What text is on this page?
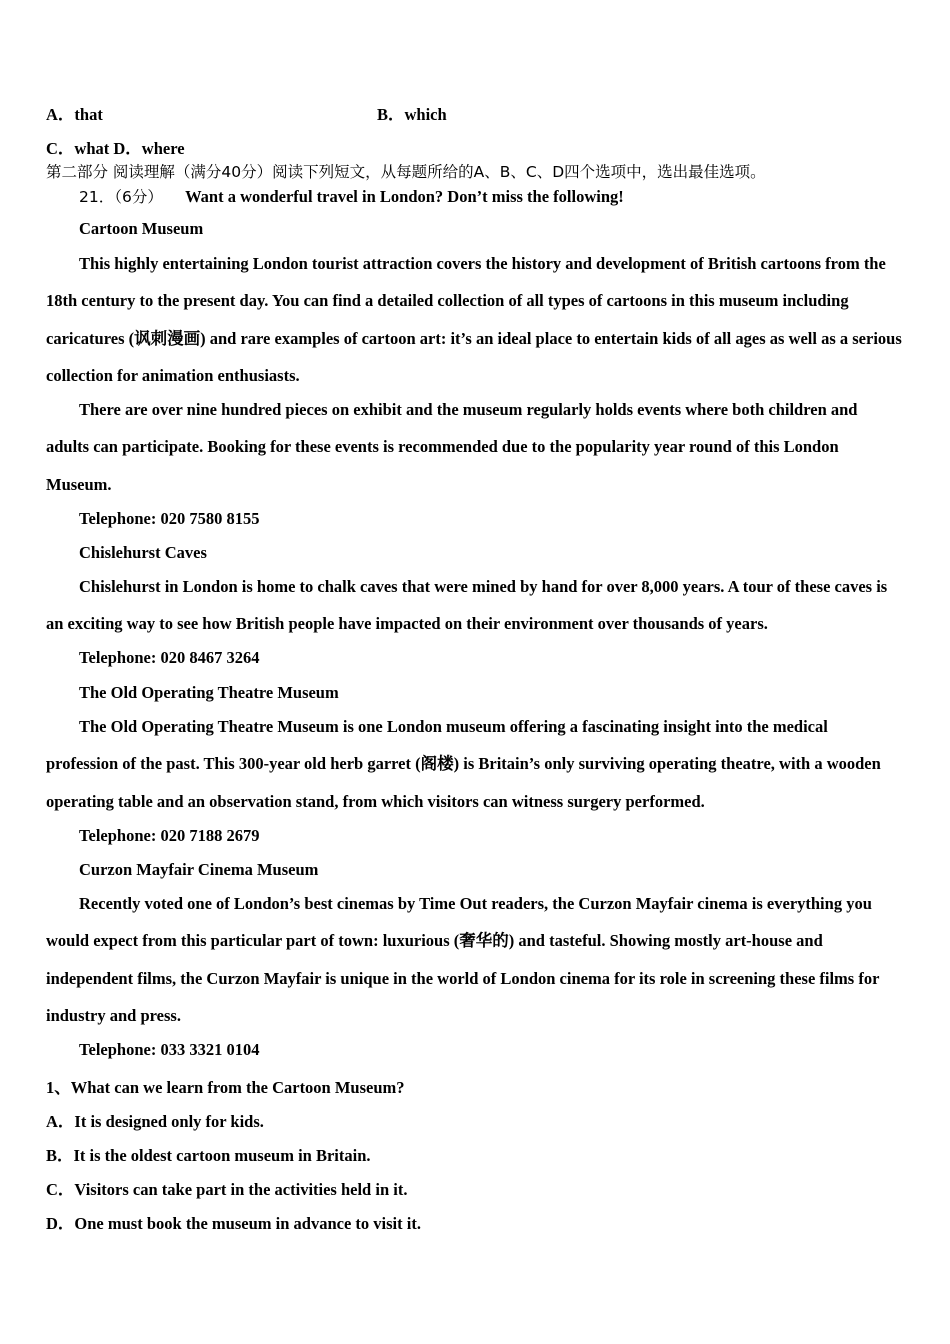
A．that	B．which
C．what D．where
第二部分 阅读理解（满分40分）阅读下列短文，从每题所给的A、B、C、D四个选项中，选出最佳选项。
21．（6分） Want a wonderful travel in London? Don’t miss the following!
Cartoon Museum
This highly entertaining London tourist attraction covers the history and development of British cartoons from the 18th century to the present day. You can find a detailed collection of all types of cartoons in this museum including caricatures (讽刺漫画) and rare examples of cartoon art: it’s an ideal place to entertain kids of all ages as well as a serious collection for animation enthusiasts.
There are over nine hundred pieces on exhibit and the museum regularly holds events where both children and adults can participate. Booking for these events is recommended due to the popularity year round of this London Museum.
Telephone: 020 7580 8155
Chislehurst Caves
Chislehurst in London is home to chalk caves that were mined by hand for over 8,000 years. A tour of these caves is an exciting way to see how British people have impacted on their environment over thousands of years.
Telephone: 020 8467 3264
The Old Operating Theatre Museum
The Old Operating Theatre Museum is one London museum offering a fascinating insight into the medical profession of the past. This 300-year old herb garret (阁楼) is Britain’s only surviving operating theatre, with a wooden operating table and an observation stand, from which visitors can witness surgery performed.
Telephone: 020 7188 2679
Curzon Mayfair Cinema Museum
Recently voted one of London’s best cinemas by Time Out readers, the Curzon Mayfair cinema is everything you would expect from this particular part of town: luxurious (奢华的) and tasteful. Showing mostly art-house and independent films, the Curzon Mayfair is unique in the world of London cinema for its role in screening these films for industry and press.
Telephone: 033 3321 0104
1、What can we learn from the Cartoon Museum?
A．It is designed only for kids.
B．It is the oldest cartoon museum in Britain.
C．Visitors can take part in the activities held in it.
D．One must book the museum in advance to visit it.
